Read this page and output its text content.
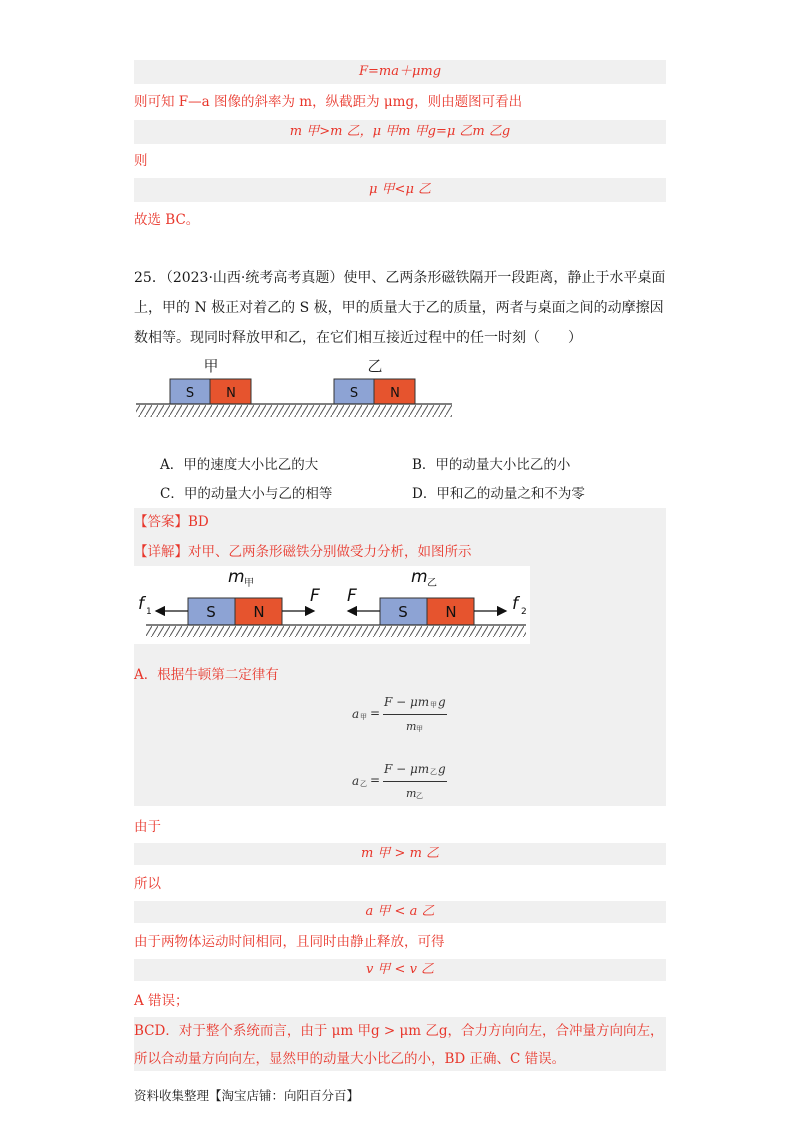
F=ma＋μmg
则可知 F—a 图像的斜率为 m，纵截距为 μmg，则由题图可看出
m 甲>m 乙，μ 甲m 甲g=μ 乙m 乙g
则
μ 甲<μ 乙
故选 BC。
25．（2023·山西·统考高考真题）使甲、乙两条形磁铁隔开一段距离，静止于水平桌面
上，甲的 N 极正对着乙的 S 极，甲的质量大于乙的质量，两者与桌面之间的动摩擦因
数相等。现同时释放甲和乙，在它们相互接近过程中的任一时刻（　　）
甲	乙
S N	S N
A．甲的速度大小比乙的大	B．甲的动量大小比乙的小
C．甲的动量大小与乙的相等	D．甲和乙的动量之和不为零
【答案】BD
【详解】对甲、乙两条形磁铁分别做受力分析，如图所示
m 甲	m 乙
S	N	S	N
f 1
F F	f 2
A．根据牛顿第二定律有
a 甲 =
F − μm 甲 g
m 甲
a 乙 =
F − μm 乙 g
m 乙
由于
m 甲 > m 乙
所以
a 甲 < a 乙
由于两物体运动时间相同，且同时由静止释放，可得
v 甲 < v 乙
A 错误；
BCD．对于整个系统而言，由于 μm 甲g > μm 乙g，合力方向向左，合冲量方向向左，
所以合动量方向向左，显然甲的动量大小比乙的小，BD 正确、C 错误。
资料收集整理【淘宝店铺：向阳百分百】
